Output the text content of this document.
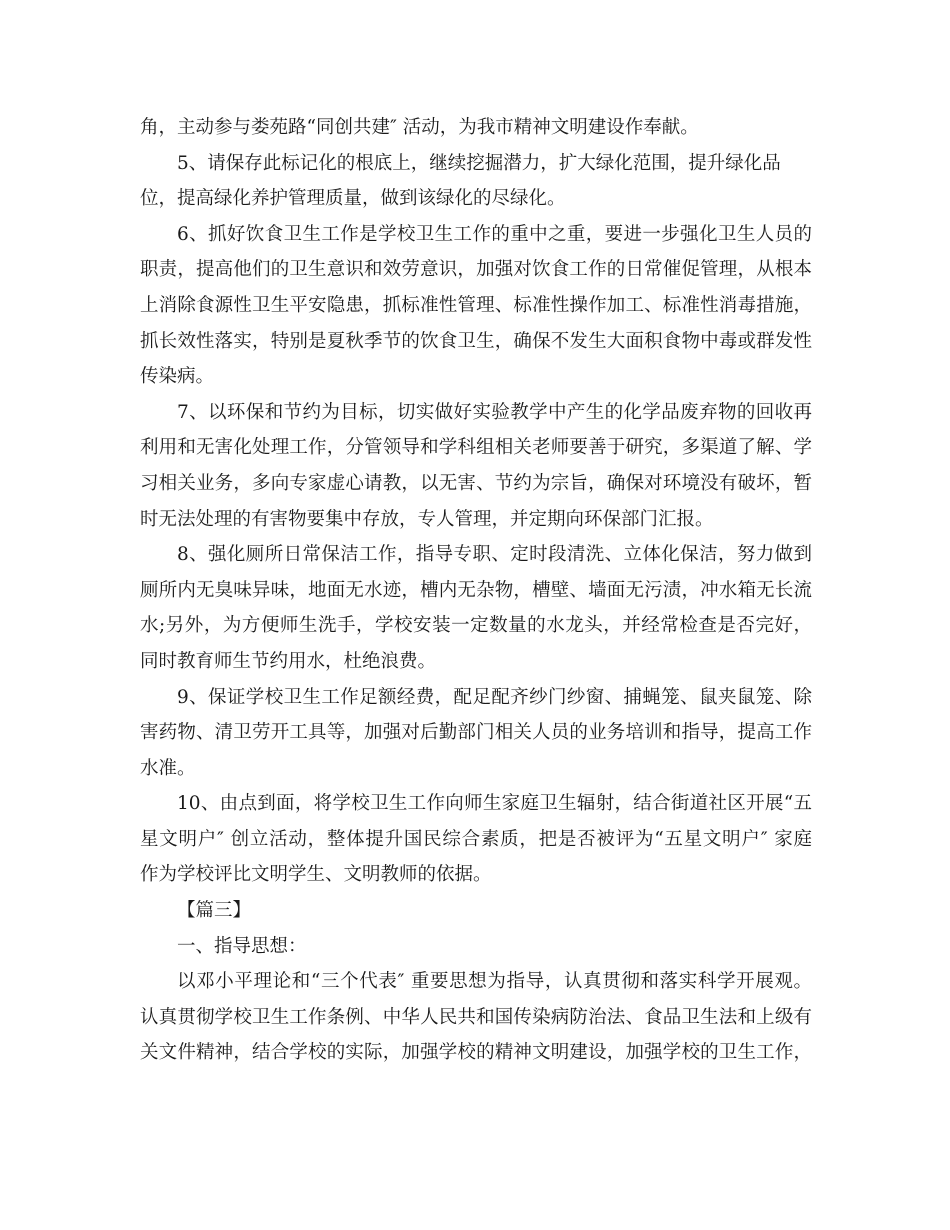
角，主动参与娄苑路“同创共建″ 活动，为我市精神文明建设作奉献。
5、请保存此标记化的根底上，继续挖掘潜力，扩大绿化范围，提升绿化品
位，提高绿化养护管理质量，做到该绿化的尽绿化。
6、抓好饮食卫生工作是学校卫生工作的重中之重，要进一步强化卫生人员的
职责，提高他们的卫生意识和效劳意识，加强对饮食工作的日常催促管理，从根本
上消除食源性卫生平安隐患，抓标准性管理、标准性操作加工、标准性消毒措施，
抓长效性落实，特别是夏秋季节的饮食卫生，确保不发生大面积食物中毒或群发性
传染病。
7、以环保和节约为目标，切实做好实验教学中产生的化学品废弃物的回收再
利用和无害化处理工作，分管领导和学科组相关老师要善于研究，多渠道了解、学
习相关业务，多向专家虚心请教，以无害、节约为宗旨，确保对环境没有破坏，暂
时无法处理的有害物要集中存放，专人管理，并定期向环保部门汇报。
8、强化厕所日常保洁工作，指导专职、定时段清洗、立体化保洁，努力做到
厕所内无臭味异味，地面无水迹，槽内无杂物，槽壁、墙面无污渍，冲水箱无长流
水;另外，为方便师生洗手，学校安装一定数量的水龙头，并经常检查是否完好，
同时教育师生节约用水，杜绝浪费。
9、保证学校卫生工作足额经费，配足配齐纱门纱窗、捕蝇笼、鼠夹鼠笼、除
害药物、清卫劳开工具等，加强对后勤部门相关人员的业务培训和指导，提高工作
水准。
10、由点到面，将学校卫生工作向师生家庭卫生辐射，结合街道社区开展“五
星文明户″ 创立活动，整体提升国民综合素质，把是否被评为“五星文明户″ 家庭
作为学校评比文明学生、文明教师的依据。
【篇三】
一、指导思想：
以邓小平理论和“三个代表″ 重要思想为指导，认真贯彻和落实科学开展观。
认真贯彻学校卫生工作条例、中华人民共和国传染病防治法、食品卫生法和上级有
关文件精神，结合学校的实际，加强学校的精神文明建设，加强学校的卫生工作，
